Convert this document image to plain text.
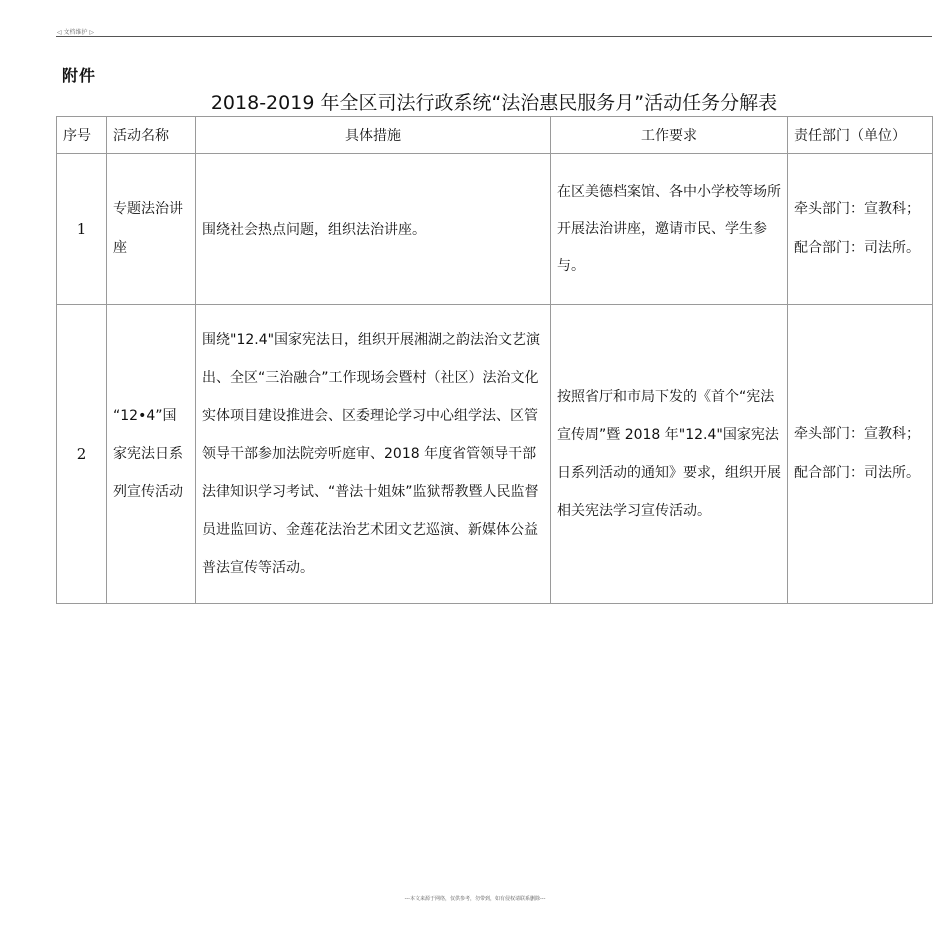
◁ 文档维护 ▷
附件
2018-2019 年全区司法行政系统“法治惠民服务月”活动任务分解表
序号	活动名称	具体措施	工作要求	责任部门（单位）
1	专题法治讲座	围绕社会热点问题，组织法治讲座。	在区美德档案馆、各中小学校等场所开展法治讲座，邀请市民、学生参与。	牵头部门：宣教科；配合部门：司法所。
2	“12•4”国家宪法日系列宣传活动	围绕"12.4"国家宪法日，组织开展湘湖之韵法治文艺演出、全区“三治融合”工作现场会暨村（社区）法治文化实体项目建设推进会、区委理论学习中心组学法、区管领导干部参加法院旁听庭审、2018 年度省管领导干部法律知识学习考试、“普法十姐妹”监狱帮教暨人民监督员进监回访、金莲花法治艺术团文艺巡演、新媒体公益普法宣传等活动。	按照省厅和市局下发的《首个“宪法宣传周”暨 2018 年"12.4"国家宪法日系列活动的通知》要求，组织开展相关宪法学习宣传活动。	牵头部门：宣教科；配合部门：司法所。
---本文来源于网络，仅供参考，勿带到，如有侵权请联系删除---
